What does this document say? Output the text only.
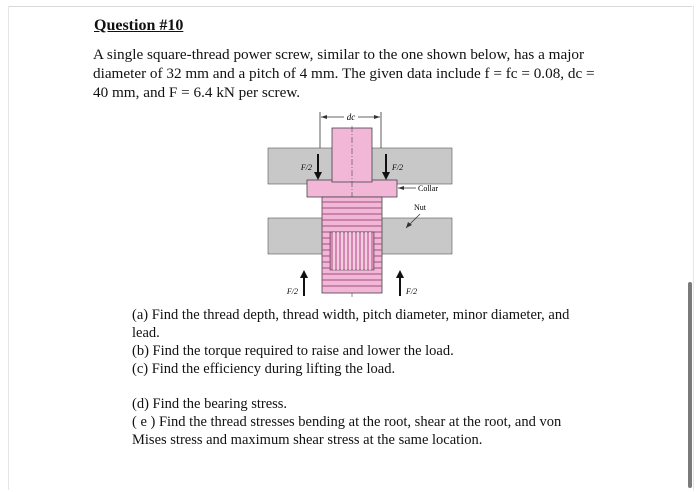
Question #10

A single square-thread power screw, similar to the one shown below, has a major

diameter of 32 mm and a pitch of 4 mm. The given data include f = fc = 0.08, dc =

40 mm, and F = 6.4 kN per screw.

dc
F/2	F/2
Collar
Nut
F/2	F/2

(a) Find the thread depth, thread width, pitch diameter, minor diameter, and

lead.

(b) Find the torque required to raise and lower the load.

(c) Find the efficiency during lifting the load.

(d) Find the bearing stress.

( e ) Find the thread stresses bending at the root, shear at the root, and von

Mises stress and maximum shear stress at the same location.
